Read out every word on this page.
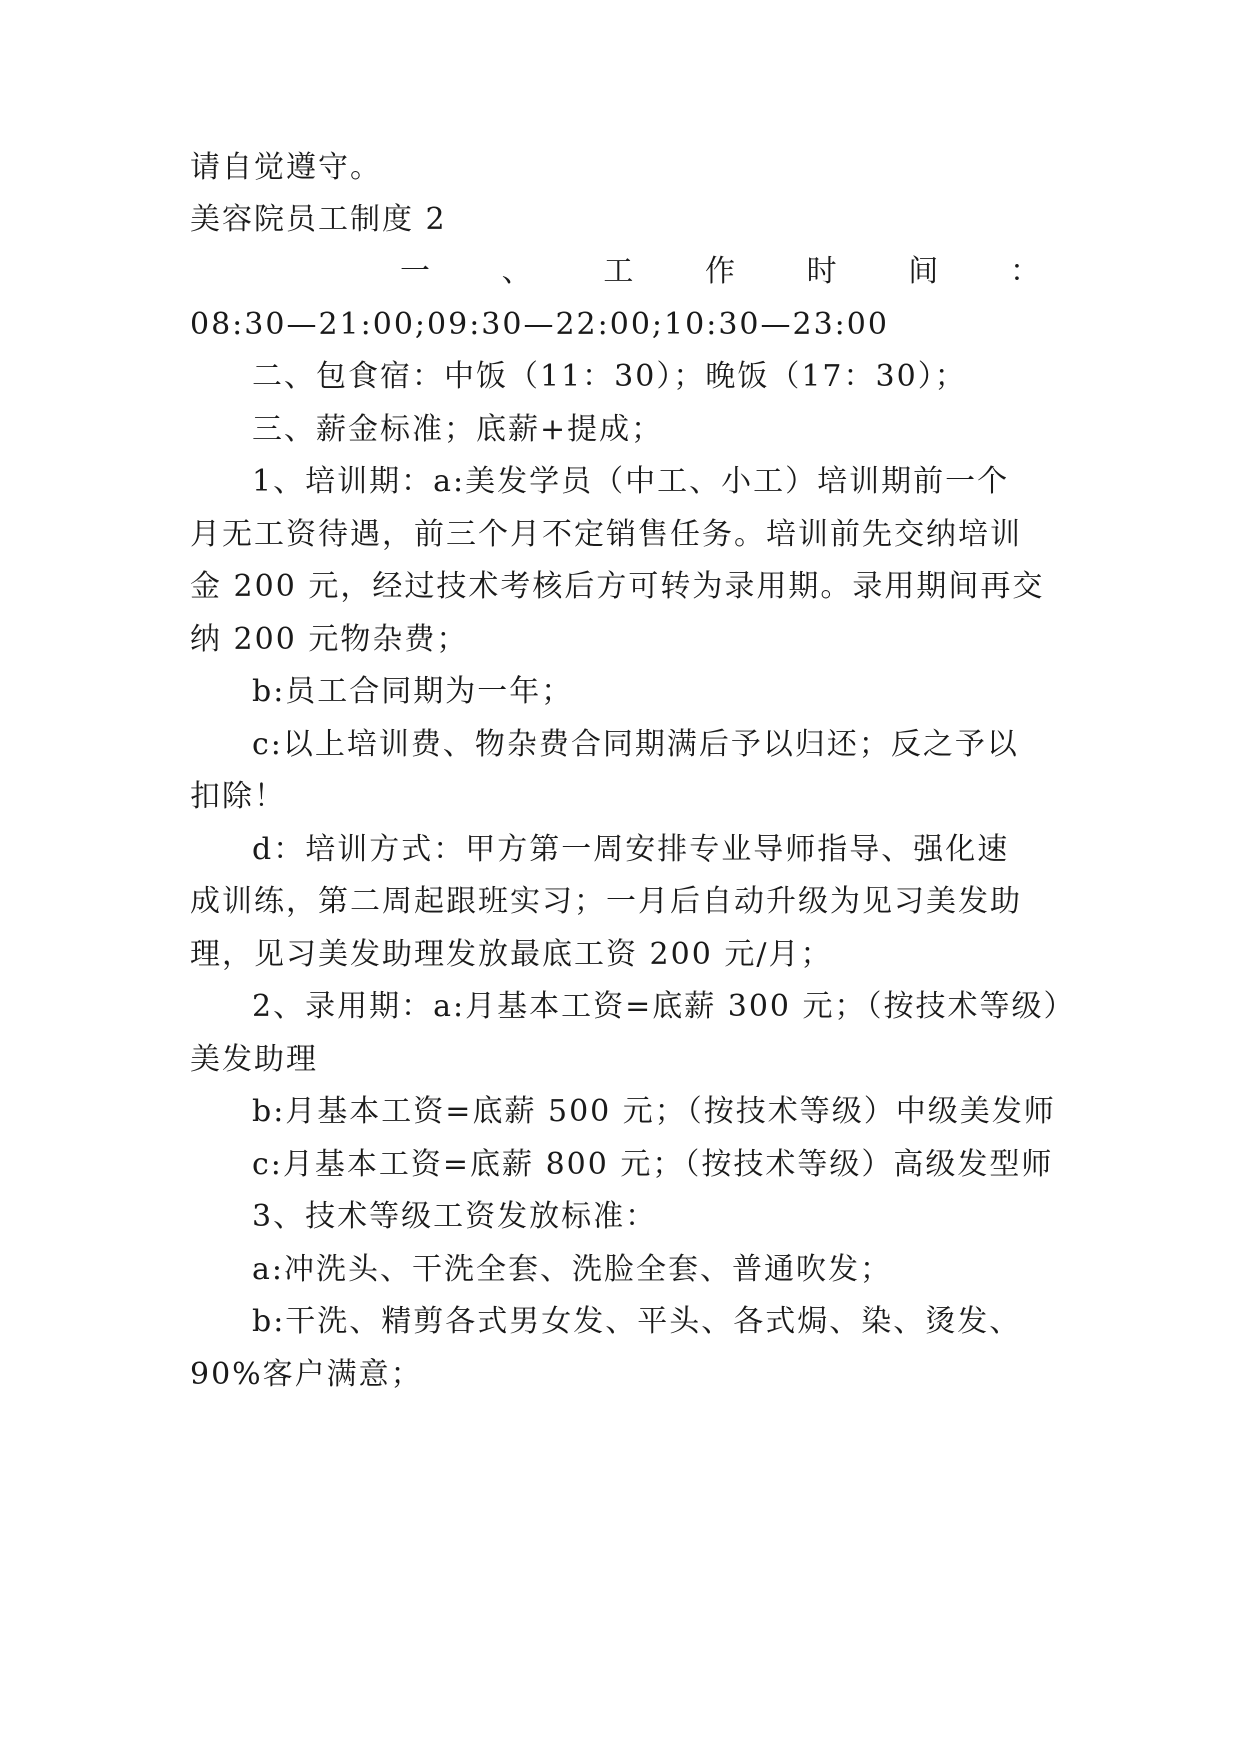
请自觉遵守。
美容院员工制度 2
一 、 工 作 时 间 ：
08:30—21:00;09:30—22:00;10:30—23:00
二、包食宿：中饭（11：30）；晚饭（17：30）；
三、薪金标准；底薪+提成；
1、培训期：a:美发学员（中工、小工）培训期前一个
月无工资待遇，前三个月不定销售任务。培训前先交纳培训
金 200 元，经过技术考核后方可转为录用期。录用期间再交
纳 200 元物杂费；
b:员工合同期为一年；
c:以上培训费、物杂费合同期满后予以归还；反之予以
扣除！
d：培训方式：甲方第一周安排专业导师指导、强化速
成训练，第二周起跟班实习；一月后自动升级为见习美发助
理，见习美发助理发放最底工资 200 元/月；
2、录用期：a:月基本工资=底薪 300 元；（按技术等级）
美发助理
b:月基本工资=底薪 500 元；（按技术等级）中级美发师
c:月基本工资=底薪 800 元；（按技术等级）高级发型师
3、技术等级工资发放标准：
a:冲洗头、干洗全套、洗脸全套、普通吹发；
b:干洗、精剪各式男女发、平头、各式焗、染、烫发、
90%客户满意；
